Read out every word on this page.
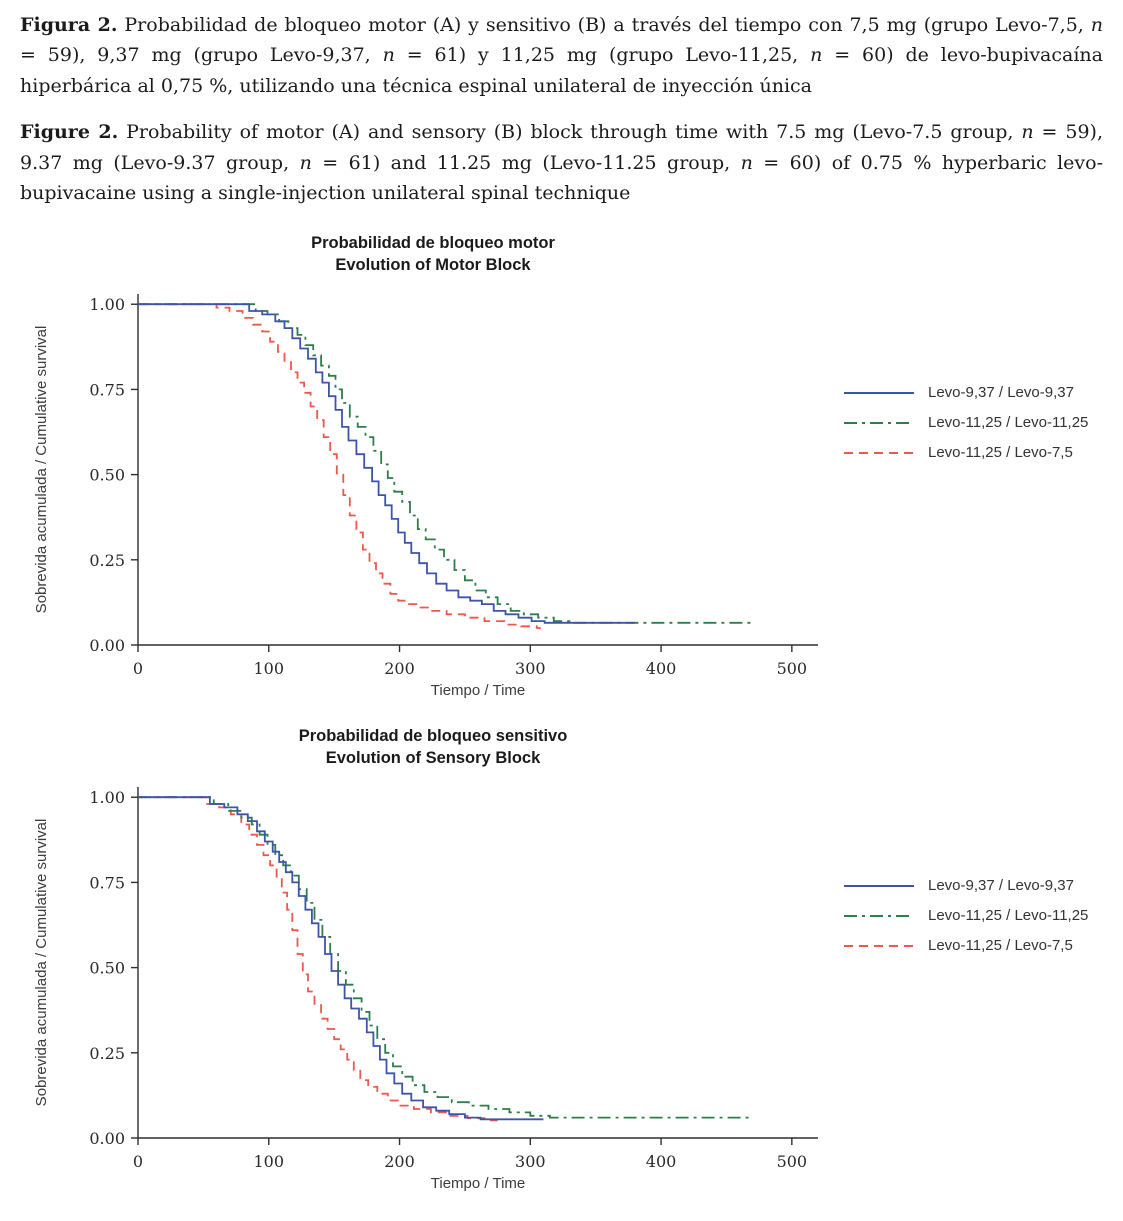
Figura 2. Probabilidad de bloqueo motor (A) y sensitivo (B) a través del tiempo con 7,5 mg (grupo Levo-7,5, n = 59), 9,37 mg (grupo Levo-9,37, n = 61) y 11,25 mg (grupo Levo-11,25, n = 60) de levo-bupivacaína hiperbárica al 0,75 %, utilizando una técnica espinal unilateral de inyección única

Figure 2. Probability of motor (A) and sensory (B) block through time with 7.5 mg (Levo-7.5 group, n = 59), 9.37 mg (Levo-9.37 group, n = 61) and 11.25 mg (Levo-11.25 group, n = 60) of 0.75 % hyperbaric levo-bupivacaine using a single-injection unilateral spinal technique

Probabilidad de bloqueo motor
Evolution of Motor Block
0	100	200	300	400	500
0.00
0.25
0.50
0.75
1.00
Tiempo / Time
Sobrevida acumulada / Cumulative survival	Levo-9,37 / Levo-9,37
Levo-11,25 / Levo-11,25
Levo-11,25 / Levo-7,5
Probabilidad de bloqueo sensitivo
Evolution of Sensory Block
0	100	200	300	400	500
0.00
0.25
0.50
0.75
1.00
Tiempo / Time
Sobrevida acumulada / Cumulative survival	Levo-9,37 / Levo-9,37
Levo-11,25 / Levo-11,25
Levo-11,25 / Levo-7,5
